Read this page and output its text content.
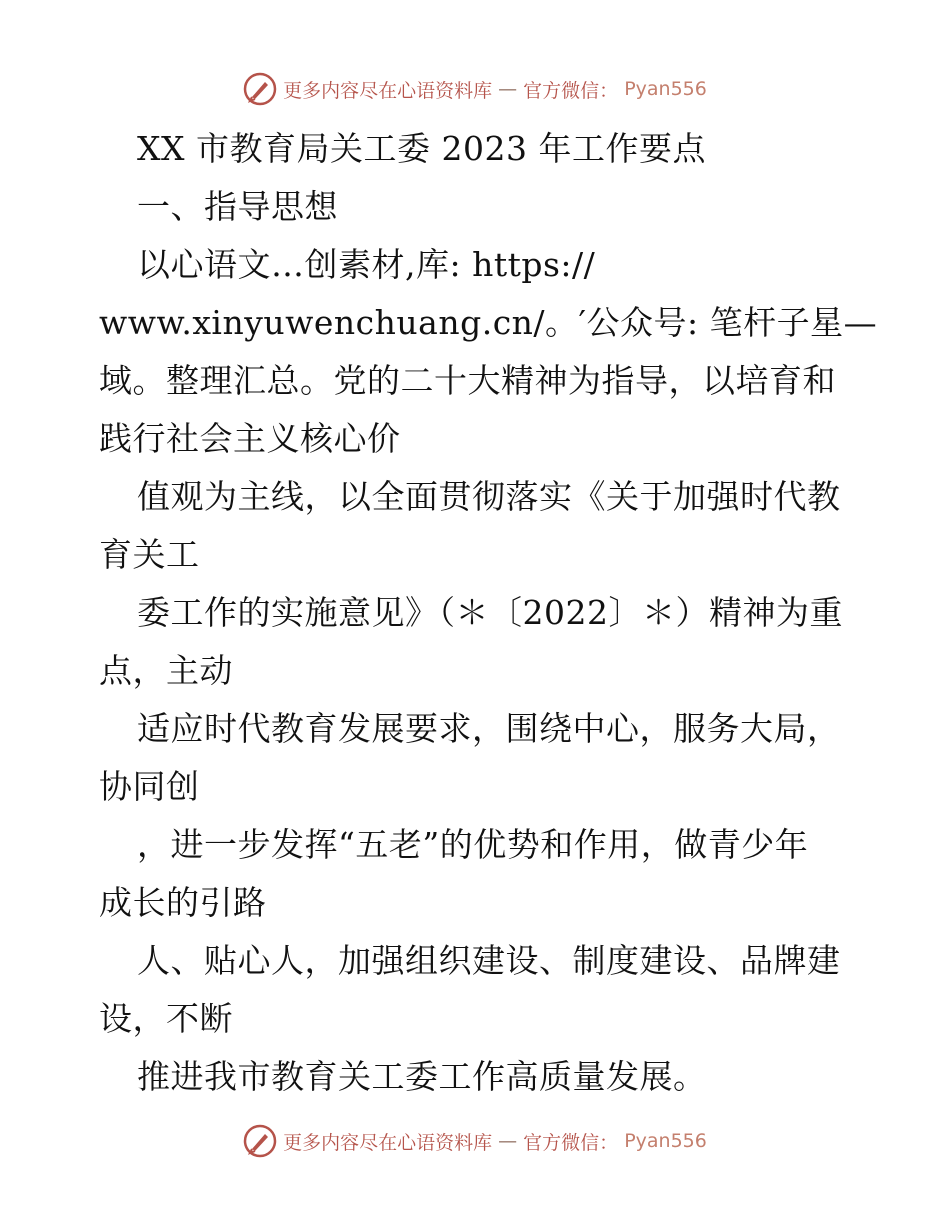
更多内容尽在心语资料库 — 官方微信： Pyan556

XX 市教育局关工委 2023 年工作要点

一、指导思想

以心语文…创素材,库: https://

www.xinyuwenchuang.cn/。′公众号: 笔杆子星—

域。整理汇总。党的二十大精神为指导，以培育和

践行社会主义核心价

值观为主线，以全面贯彻落实《关于加强时代教

育关工

委工作的实施意见》（＊〔2022〕＊）精神为重

点，主动

适应时代教育发展要求，围绕中心，服务大局，

协同创

，进一步发挥“五老”的优势和作用，做青少年

成长的引路

人、贴心人，加强组织建设、制度建设、品牌建

设，不断

推进我市教育关工委工作高质量发展。

更多内容尽在心语资料库 — 官方微信： Pyan556
